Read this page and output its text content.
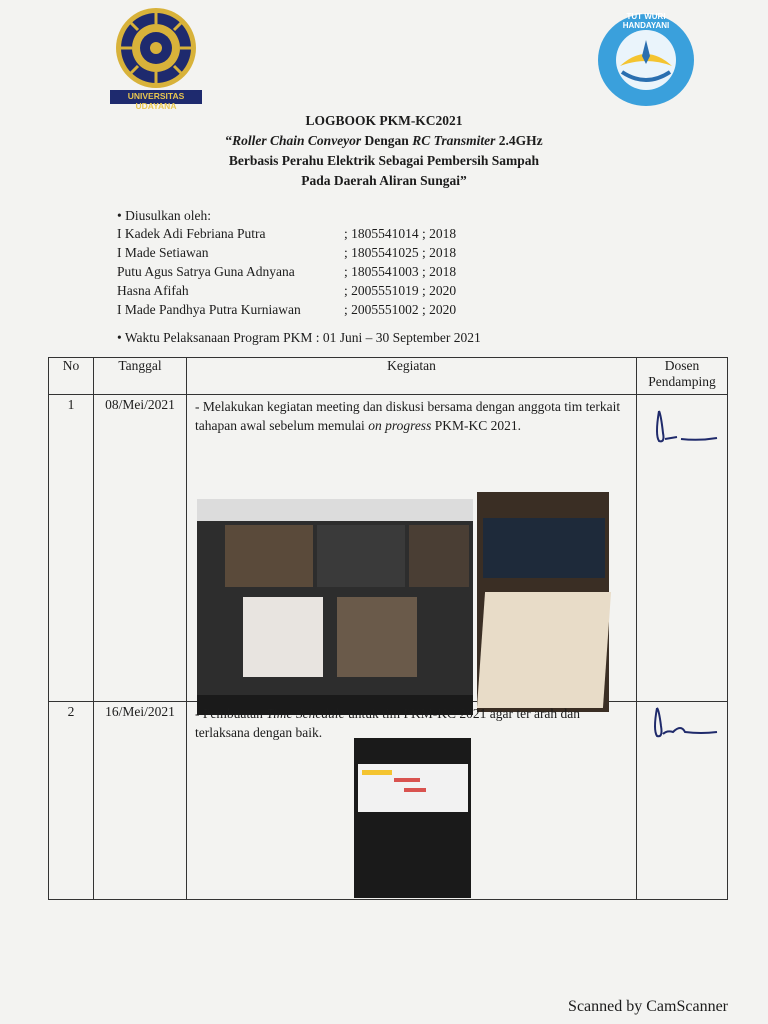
UNIVERSITAS UDAYANA
TUT WURI HANDAYANI
LOGBOOK PKM-KC2021
“Roller Chain Conveyor Dengan RC Transmiter 2.4GHz
Berbasis Perahu Elektrik Sebagai Pembersih Sampah
Pada Daerah Aliran Sungai”
• Diusulkan oleh:
I Kadek Adi Febriana Putra	; 1805541014 ; 2018
I Made Setiawan	; 1805541025 ; 2018
Putu Agus Satrya Guna Adnyana	; 1805541003 ; 2018
Hasna Afifah	; 2005551019 ; 2020
I Made Pandhya Putra Kurniawan	; 2005551002 ; 2020
• Waktu Pelaksanaan Program PKM : 01 Juni – 30 September 2021
No	Tanggal	Kegiatan	Dosen Pendamping

1	08/Mei/2021	- Melakukan kegiatan meeting dan diskusi bersama dengan anggota tim terkait tahapan awal sebelum memulai on progress PKM-KC 2021.

2	16/Mei/2021	- Pembuatan Time Schedule untuk tim PKM-KC 2021 agar ter arah dan terlaksana dengan baik.

Scanned by CamScanner
